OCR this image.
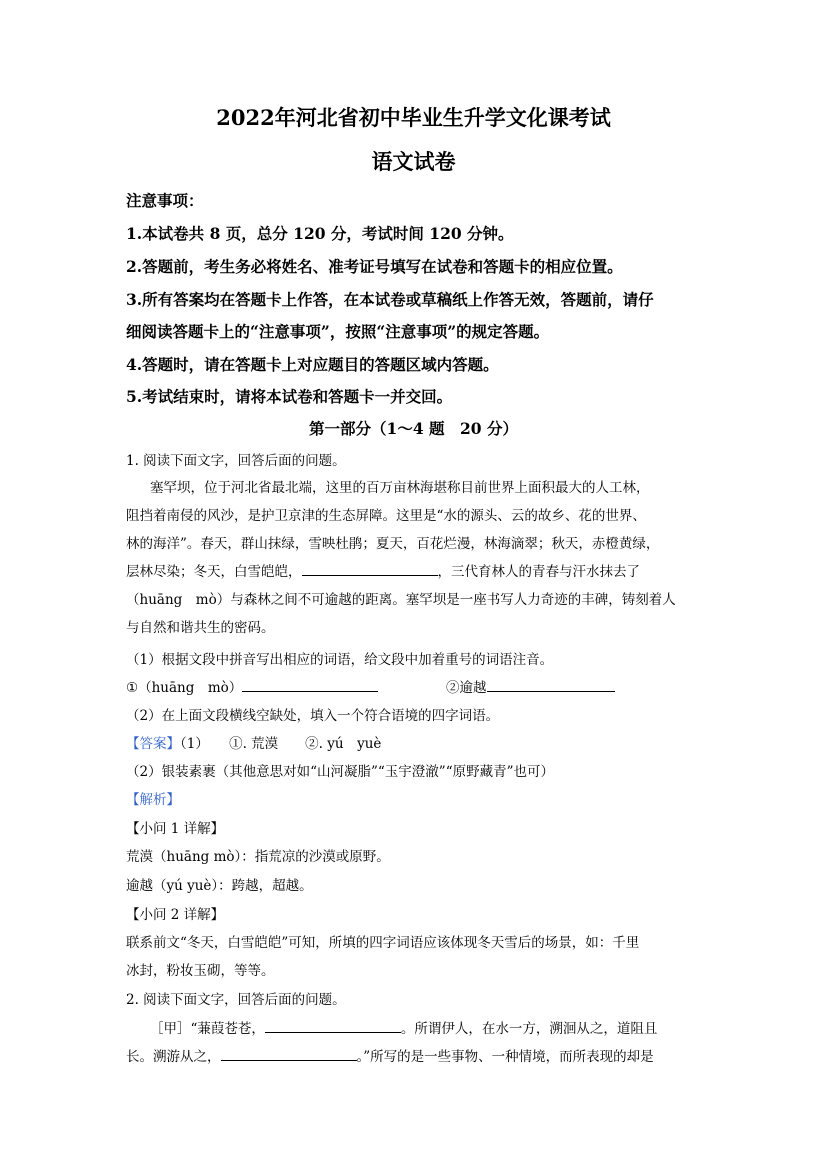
2022年河北省初中毕业生升学文化课考试
语文试卷
注意事项：
1.本试卷共 8 页，总分 120 分，考试时间 120 分钟。
2.答题前，考生务必将姓名、准考证号填写在试卷和答题卡的相应位置。
3.所有答案均在答题卡上作答，在本试卷或草稿纸上作答无效，答题前，请仔
细阅读答题卡上的“注意事项”，按照“注意事项”的规定答题。
4.答题时，请在答题卡上对应题目的答题区域内答题。
5.考试结束时，请将本试卷和答题卡一并交回。
第一部分（1～4 题　20 分）
1. 阅读下面文字，回答后面的问题。
塞罕坝，位于河北省最北端，这里的百万亩林海堪称目前世界上面积最大的人工林，
阻挡着南侵的风沙，是护卫京津的生态屏障。这里是“水的源头、云的故乡、花的世界、
林的海洋”。春天，群山抹绿，雪映杜鹃；夏天，百花烂漫，林海滴翠；秋天，赤橙黄绿，
层林尽染；冬天，白雪皑皑，	，三代育林人的青春与汗水抹去了
（huāng　mò）与森林之间不可逾越的距离。塞罕坝是一座书写人力奇迹的丰碑，铸刻着人
与自然和谐共生的密码。
（1）根据文段中拼音写出相应的词语，给文段中加着重号的词语注音。
①（huāng　mò）	②逾越
（2）在上面文段横线空缺处，填入一个符合语境的四字词语。
【答案】（1）　　①. 荒漠　　②. yú　yuè
（2）银装素裹（其他意思对如“山河凝脂”“玉宇澄澈”“原野藏青”也可）
【解析】
【小问 1 详解】
荒漠（huāng mò）：指荒凉的沙漠或原野。
逾越（yú yuè）：跨越，超越。
【小问 2 详解】
联系前文“冬天，白雪皑皑”可知，所填的四字词语应该体现冬天雪后的场景，如：千里
冰封，粉妆玉砌，等等。
2. 阅读下面文字，回答后面的问题。
［甲］“蒹葭苍苍，	。所谓伊人，在水一方，溯洄从之，道阻且
长。溯游从之，	。”所写的是一些事物、一种情境，而所表现的却是
